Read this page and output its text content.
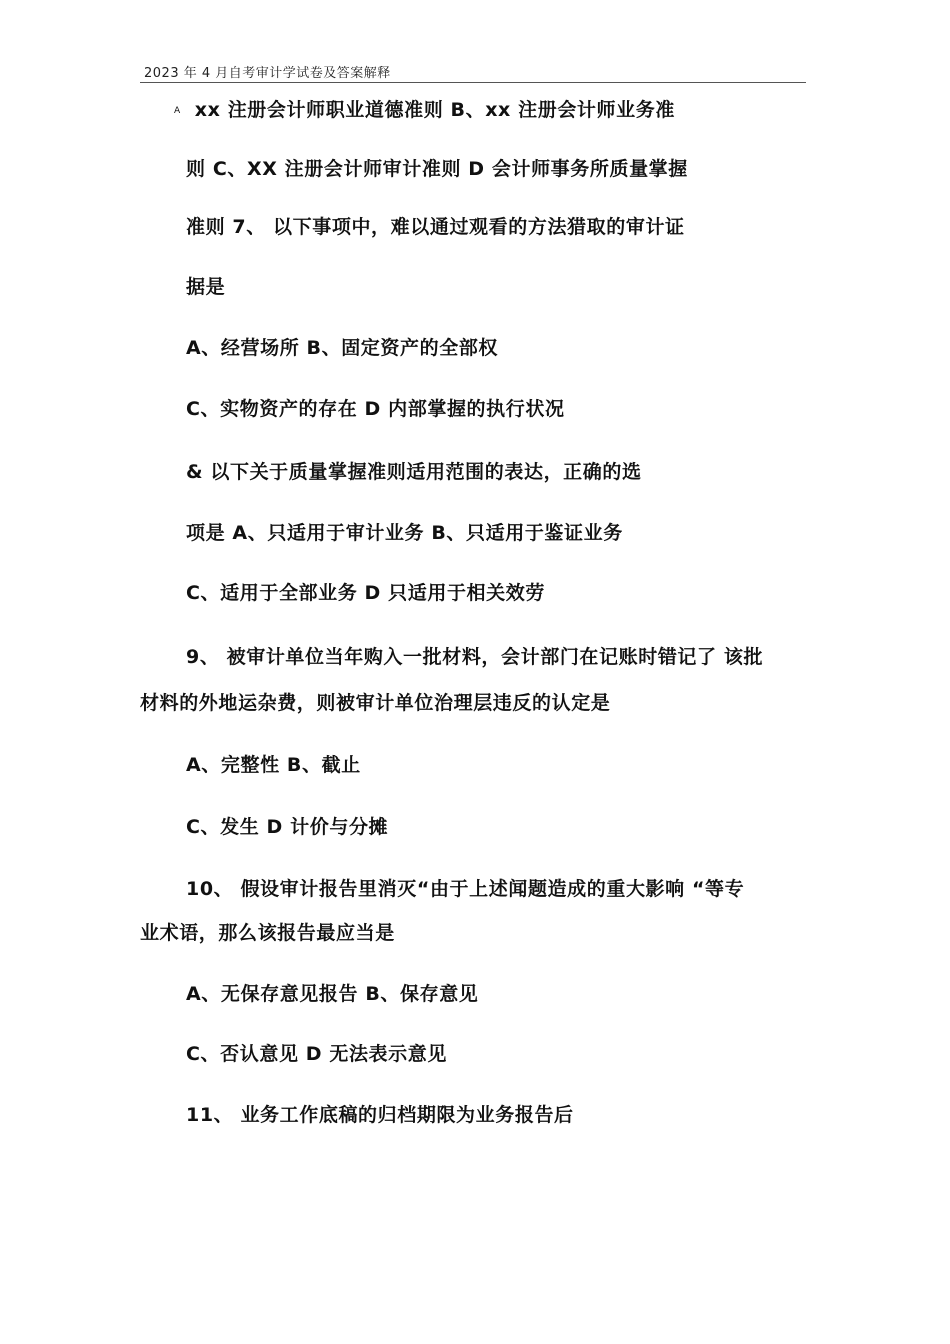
2023 年 4 月自考审计学试卷及答案解释
A xx 注册会计师职业道德准则 B、xx 注册会计师业务准
则 C、XX 注册会计师审计准则 D 会计师事务所质量掌握
准则 7、 以下事项中，难以通过观看的方法猎取的审计证
据是
A、经营场所 B、固定资产的全部权
C、实物资产的存在 D 内部掌握的执行状况
& 以下关于质量掌握准则适用范围的表达，正确的选
项是 A、只适用于审计业务 B、只适用于鉴证业务
C、适用于全部业务 D 只适用于相关效劳
9、 被审计单位当年购入一批材料，会计部门在记账时错记了 该批
材料的外地运杂费，则被审计单位治理层违反的认定是
A、完整性 B、截止
C、发生 D 计价与分摊
10、 假设审计报告里消灭“由于上述闻题造成的重大影响 “等专
业术语，那么该报告最应当是
A、无保存意见报告 B、保存意见
C、否认意见 D 无法表示意见
11、 业务工作底稿的归档期限为业务报告后
